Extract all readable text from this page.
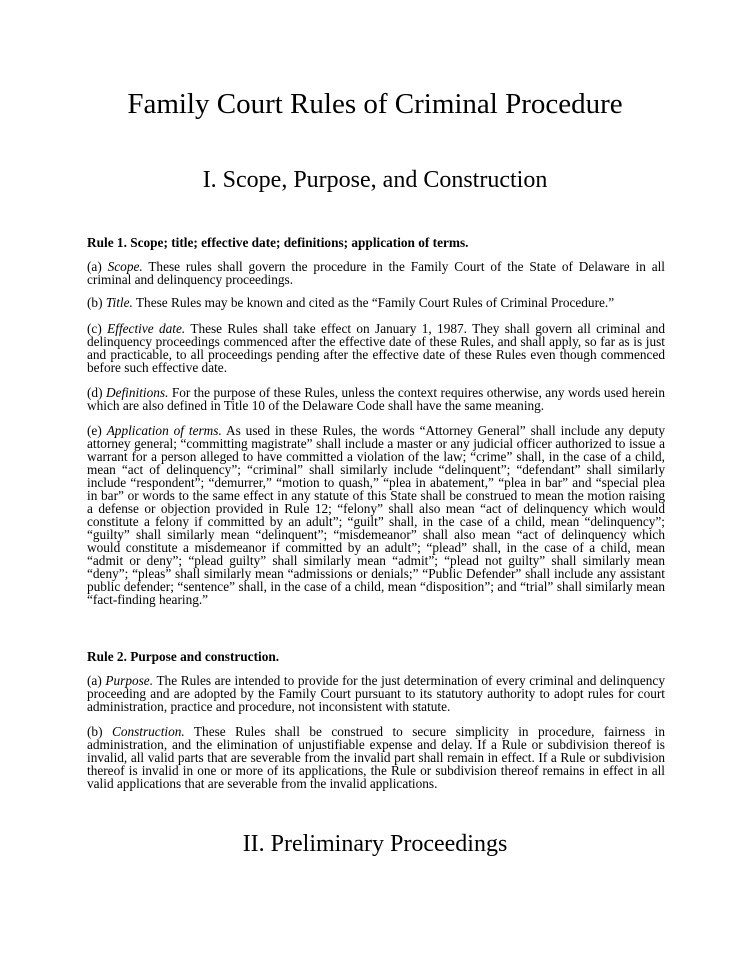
Family Court Rules of Criminal Procedure
I. Scope, Purpose, and Construction
Rule 1. Scope; title; effective date; definitions; application of terms.

(a) Scope. These rules shall govern the procedure in the Family Court of the State of Delaware in all criminal and delinquency proceedings.

(b) Title. These Rules may be known and cited as the “Family Court Rules of Criminal Procedure.”

(c) Effective date. These Rules shall take effect on January 1, 1987. They shall govern all criminal and delinquency proceedings commenced after the effective date of these Rules, and shall apply, so far as is just and practicable, to all proceedings pending after the effective date of these Rules even though commenced before such effective date.

(d) Definitions. For the purpose of these Rules, unless the context requires otherwise, any words used herein which are also defined in Title 10 of the Delaware Code shall have the same meaning.

(e) Application of terms. As used in these Rules, the words “Attorney General” shall include any deputy attorney general; “committing magistrate” shall include a master or any judicial officer authorized to issue a warrant for a person alleged to have committed a violation of the law; “crime” shall, in the case of a child, mean “act of delinquency”; “criminal” shall similarly include “delinquent”; “defendant” shall similarly include “respondent”; “demurrer,” “motion to quash,” “plea in abatement,” “plea in bar” and “special plea in bar” or words to the same effect in any statute of this State shall be construed to mean the motion raising a defense or objection provided in Rule 12; “felony” shall also mean “act of delinquency which would constitute a felony if committed by an adult”; “guilt” shall, in the case of a child, mean “delinquency”; “guilty” shall similarly mean “delinquent”; “misdemeanor” shall also mean “act of delinquency which would constitute a misdemeanor if committed by an adult”; “plead” shall, in the case of a child, mean “admit or deny”; “plead guilty” shall similarly mean “admit”; “plead not guilty” shall similarly mean “deny”; “pleas” shall similarly mean “admissions or denials;” “Public Defender” shall include any assistant public defender; “sentence” shall, in the case of a child, mean “disposition”; and “trial” shall similarly mean “fact-finding hearing.”

Rule 2. Purpose and construction.

(a) Purpose. The Rules are intended to provide for the just determination of every criminal and delinquency proceeding and are adopted by the Family Court pursuant to its statutory authority to adopt rules for court administration, practice and procedure, not inconsistent with statute.

(b) Construction. These Rules shall be construed to secure simplicity in procedure, fairness in administration, and the elimination of unjustifiable expense and delay. If a Rule or subdivision thereof is invalid, all valid parts that are severable from the invalid part shall remain in effect. If a Rule or subdivision thereof is invalid in one or more of its applications, the Rule or subdivision thereof remains in effect in all valid applications that are severable from the invalid applications.

II. Preliminary Proceedings
